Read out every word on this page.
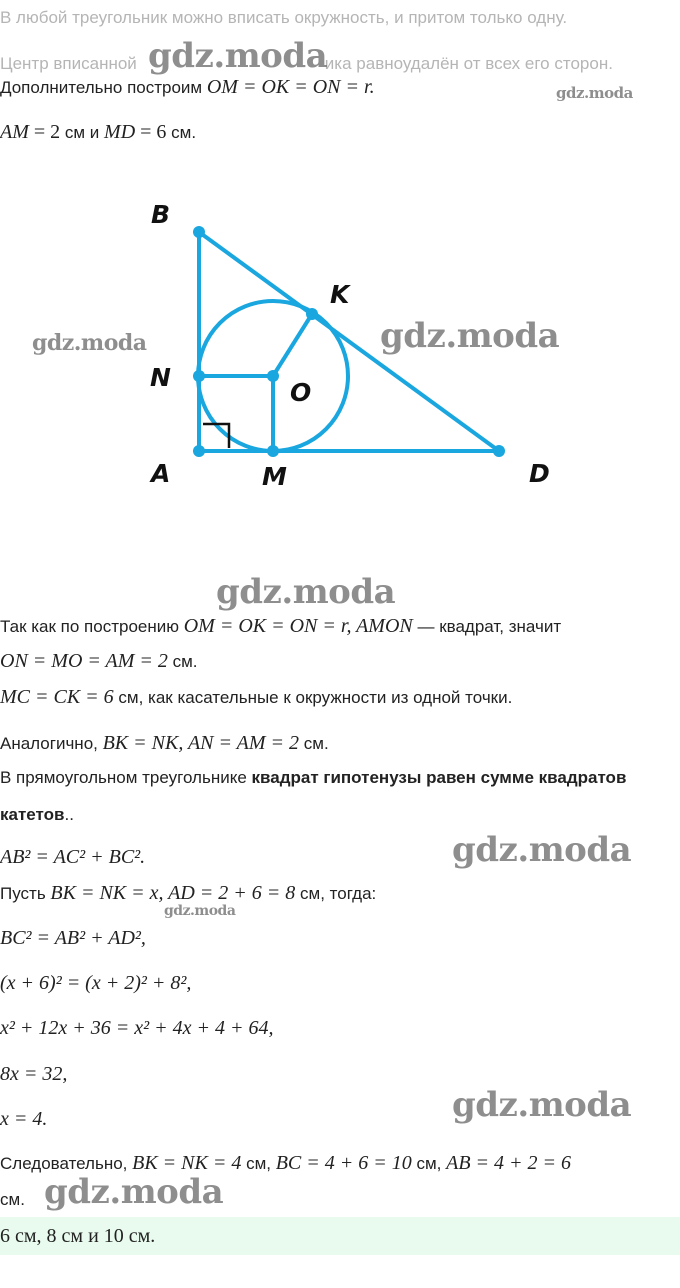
В любой треугольник можно вписать окружность, и притом только одну.
Центр вписанной	ика равноудалён от всех его сторон.
Дополнительно построим OM = OK = ON = r.
AM = 2 см и MD = 6 см.
B
K
N
O
A	M	D
Так как по построению OM = OK = ON = r, AMON — квадрат, значит
ON = MO = AM = 2 см.
MC = CK = 6 см, как касательные к окружности из одной точки.
Аналогично, BK = NK, AN = AM = 2 см.
В прямоугольном треугольнике квадрат гипотенузы равен сумме квадратов
катетов..
AB² = AC² + BC².
Пусть BK = NK = x, AD = 2 + 6 = 8 см, тогда:
BC² = AB² + AD²,
(x + 6)² = (x + 2)² + 8²,
x² + 12x + 36 = x² + 4x + 4 + 64,
8x = 32,
x = 4.
Следовательно, BK = NK = 4 см, BC = 4 + 6 = 10 см, AB = 4 + 2 = 6
см.
6 см, 8 см и 10 см.
gdz.moda
gdz.moda
gdz.moda	gdz.moda
gdz.moda
gdz.moda
gdz.moda
gdz.moda
gdz.moda
